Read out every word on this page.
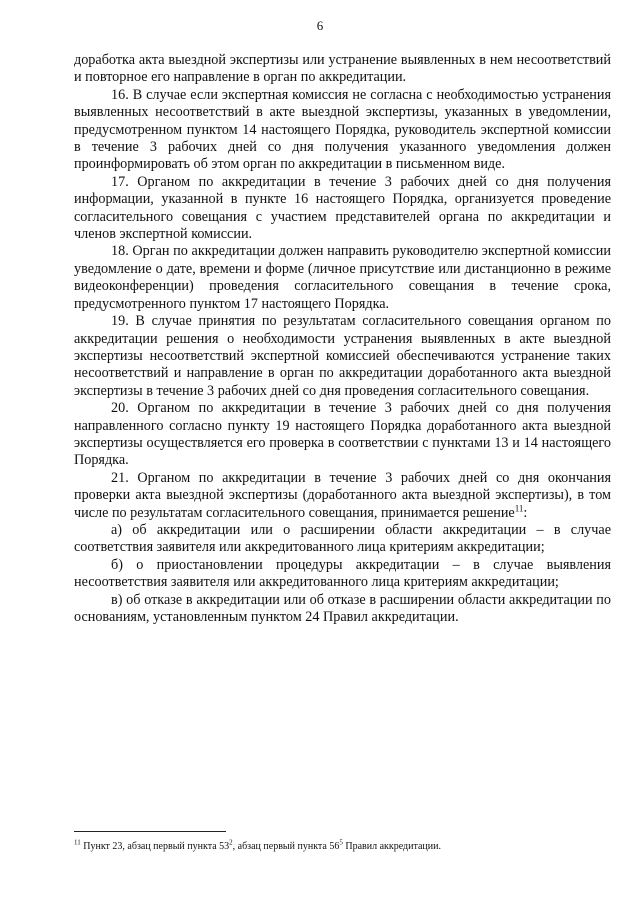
6

доработка акта выездной экспертизы или устранение выявленных в нем несоответствий и повторное его направление в орган по аккредитации.

16. В случае если экспертная комиссия не согласна с необходимостью устранения выявленных несоответствий в акте выездной экспертизы, указанных в уведомлении, предусмотренном пунктом 14 настоящего Порядка, руководитель экспертной комиссии в течение 3 рабочих дней со дня получения указанного уведомления должен проинформировать об этом орган по аккредитации в письменном виде.

17. Органом по аккредитации в течение 3 рабочих дней со дня получения информации, указанной в пункте 16 настоящего Порядка, организуется проведение согласительного совещания с участием представителей органа по аккредитации и членов экспертной комиссии.

18. Орган по аккредитации должен направить руководителю экспертной комиссии уведомление о дате, времени и форме (личное присутствие или дистанционно в режиме видеоконференции) проведения согласительного совещания в течение срока, предусмотренного пунктом 17 настоящего Порядка.

19. В случае принятия по результатам согласительного совещания органом по аккредитации решения о необходимости устранения выявленных в акте выездной экспертизы несоответствий экспертной комиссией обеспечиваются устранение таких несоответствий и направление в орган по аккредитации доработанного акта выездной экспертизы в течение 3 рабочих дней со дня проведения согласительного совещания.

20. Органом по аккредитации в течение 3 рабочих дней со дня получения направленного согласно пункту 19 настоящего Порядка доработанного акта выездной экспертизы осуществляется его проверка в соответствии с пунктами 13 и 14 настоящего Порядка.

21. Органом по аккредитации в течение 3 рабочих дней со дня окончания проверки акта выездной экспертизы (доработанного акта выездной экспертизы), в том числе по результатам согласительного совещания, принимается решение$^{11}$:

а) об аккредитации или о расширении области аккредитации – в случае соответствия заявителя или аккредитованного лица критериям аккредитации;

б) о приостановлении процедуры аккредитации – в случае выявления несоответствия заявителя или аккредитованного лица критериям аккредитации;

в) об отказе в аккредитации или об отказе в расширении области аккредитации по основаниям, установленным пунктом 24 Правил аккредитации.

$^{11}$ Пункт 23, абзац первый пункта $53^2$, абзац первый пункта $56^5$ Правил аккредитации.
